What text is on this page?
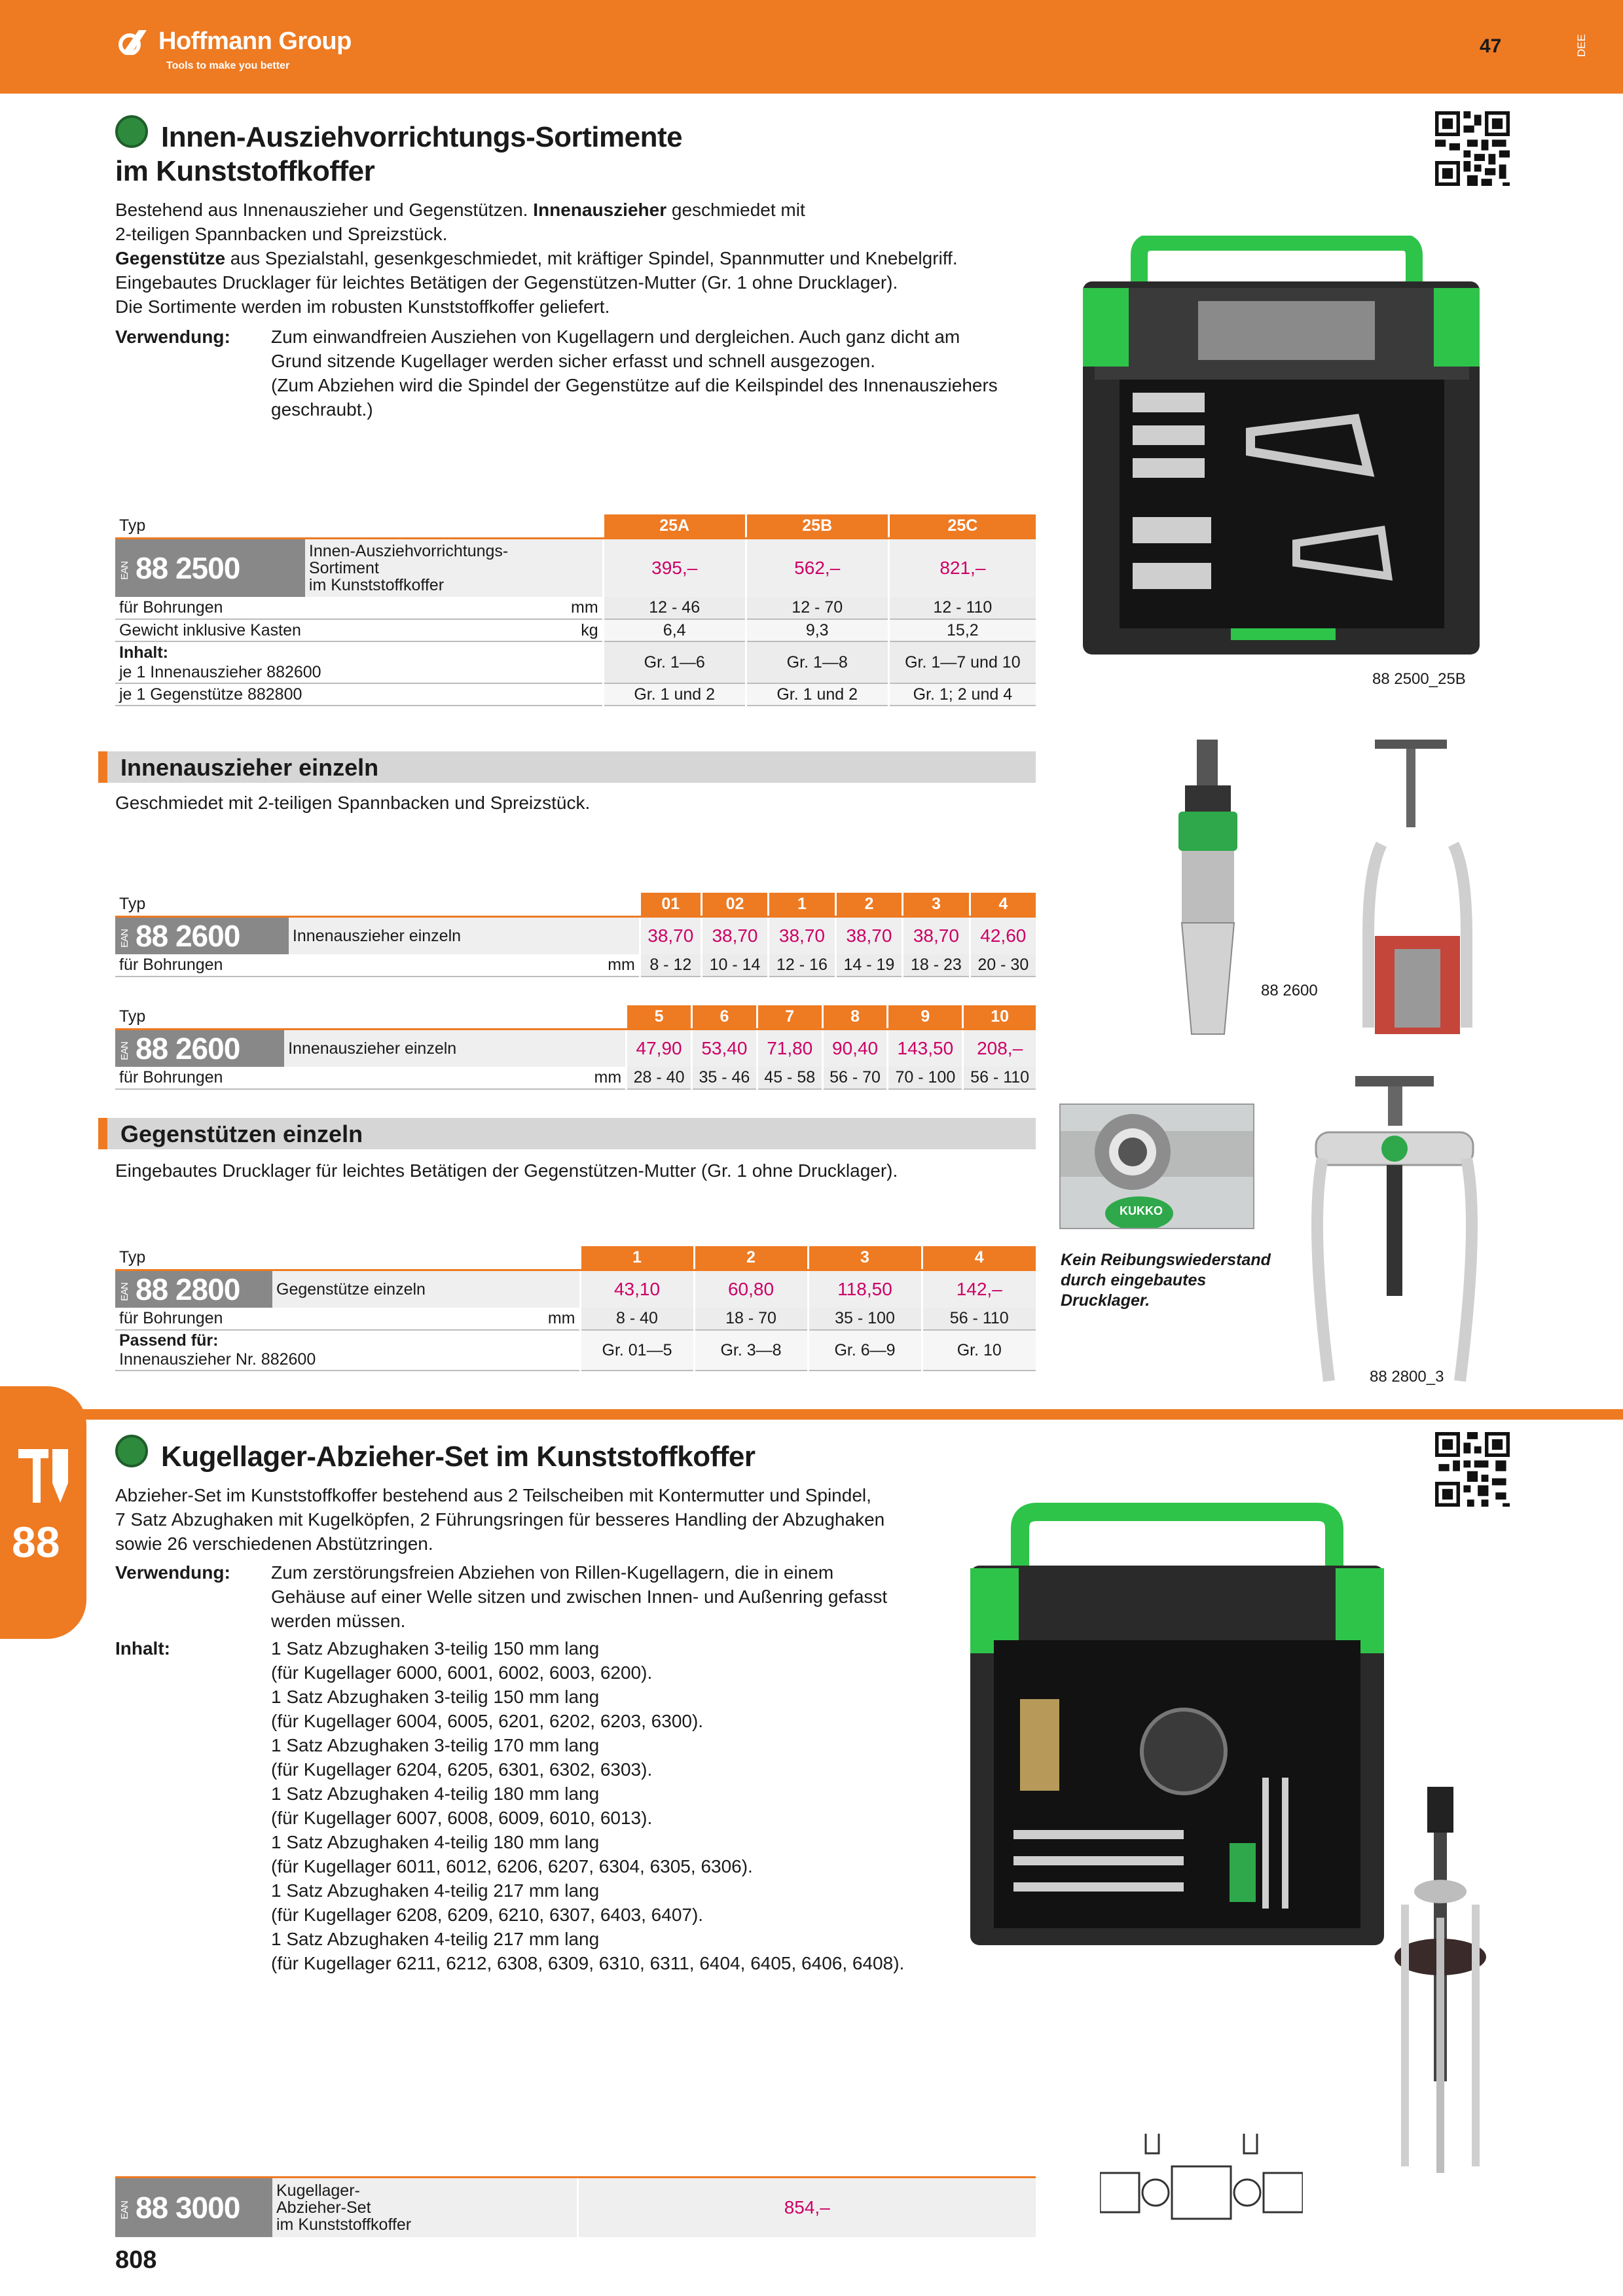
Hoffmann Group
Tools to make you better
47	DEE
Innen-Ausziehvorrichtungs-Sortimente
im Kunststoffkoffer
Bestehend aus Innenauszieher und Gegenstützen. Innenauszieher geschmiedet mit
2-teiligen Spannbacken und Spreizstück.
Gegenstütze aus Spezialstahl, gesenkgeschmiedet, mit kräftiger Spindel, Spannmutter und Knebelgriff.
Eingebautes Drucklager für leichtes Betätigen der Gegenstützen-Mutter (Gr. 1 ohne Drucklager).
Die Sortimente werden im robusten Kunststoffkoffer geliefert.
Verwendung: Zum einwandfreien Ausziehen von Kugellagern und dergleichen. Auch ganz dicht am
Grund sitzende Kugellager werden sicher erfasst und schnell ausgezogen.
(Zum Abziehen wird die Spindel der Gegenstütze auf die Keilspindel des Innenausziehers
geschraubt.)
88 2500_25B
Typ		25A	25B	25C
EAN 88 2500	Innen-Ausziehvorrichtungs-
Sortiment
im Kunststoffkoffer	395,–	562,–	821,–
für Bohrungen	mm	12 - 46	12 - 70	12 - 110
Gewicht inklusive Kasten	kg	6,4	9,3	15,2

Inhalt:
je 1 Innenauszieher 882600		Gr. 1—6	Gr. 1—8	Gr. 1—7 und 10
je 1 Gegenstütze 882800		Gr. 1 und 2	Gr. 1 und 2	Gr. 1; 2 und 4
Innenauszieher einzeln
Geschmiedet mit 2-teiligen Spannbacken und Spreizstück.
Typ		01	02	1	2	3	4
EAN 88 2600	Innenauszieher einzeln	38,70	38,70	38,70	38,70	38,70	42,60
für Bohrungen	mm	8 - 12	10 - 14	12 - 16	14 - 19	18 - 23	20 - 30
Typ		5	6	7	8	9	10
EAN 88 2600	Innenauszieher einzeln	47,90	53,40	71,80	90,40	143,50	208,–
für Bohrungen	mm	28 - 40	35 - 46	45 - 58	56 - 70	70 - 100	56 - 110
88 2600
Gegenstützen einzeln
Eingebautes Drucklager für leichtes Betätigen der Gegenstützen-Mutter (Gr. 1 ohne Drucklager).
Typ		1	2	3	4
EAN 88 2800	Gegenstütze einzeln	43,10	60,80	118,50	142,–
für Bohrungen	mm	8 - 40	18 - 70	35 - 100	56 - 110

Passend für:
Innenauszieher Nr. 882600		Gr. 01—5	Gr. 3—8	Gr. 6—9	Gr. 10
KUKKO
Kein Reibungswiederstand
durch eingebautes
Drucklager.
88 2800_3
88
Kugellager-Abzieher-Set im Kunststoffkoffer
Abzieher-Set im Kunststoffkoffer bestehend aus 2 Teilscheiben mit Kontermutter und Spindel,
7 Satz Abzughaken mit Kugelköpfen, 2 Führungsringen für besseres Handling der Abzughaken
sowie 26 verschiedenen Abstützringen.
Verwendung: Zum zerstörungsfreien Abziehen von Rillen-Kugellagern, die in einem
Gehäuse auf einer Welle sitzen und zwischen Innen- und Außenring gefasst
werden müssen.
Inhalt:	1 Satz Abzughaken 3-teilig 150 mm lang
(für Kugellager 6000, 6001, 6002, 6003, 6200).
1 Satz Abzughaken 3-teilig 150 mm lang
(für Kugellager 6004, 6005, 6201, 6202, 6203, 6300).
1 Satz Abzughaken 3-teilig 170 mm lang
(für Kugellager 6204, 6205, 6301, 6302, 6303).
1 Satz Abzughaken 4-teilig 180 mm lang
(für Kugellager 6007, 6008, 6009, 6010, 6013).
1 Satz Abzughaken 4-teilig 180 mm lang
(für Kugellager 6011, 6012, 6206, 6207, 6304, 6305, 6306).
1 Satz Abzughaken 4-teilig 217 mm lang
(für Kugellager 6208, 6209, 6210, 6307, 6403, 6407).
1 Satz Abzughaken 4-teilig 217 mm lang
(für Kugellager 6211, 6212, 6308, 6309, 6310, 6311, 6404, 6405, 6406, 6408).

EAN 88 3000	Kugellager-
Abzieher-Set
im Kunststoffkoffer
	854,–
808
